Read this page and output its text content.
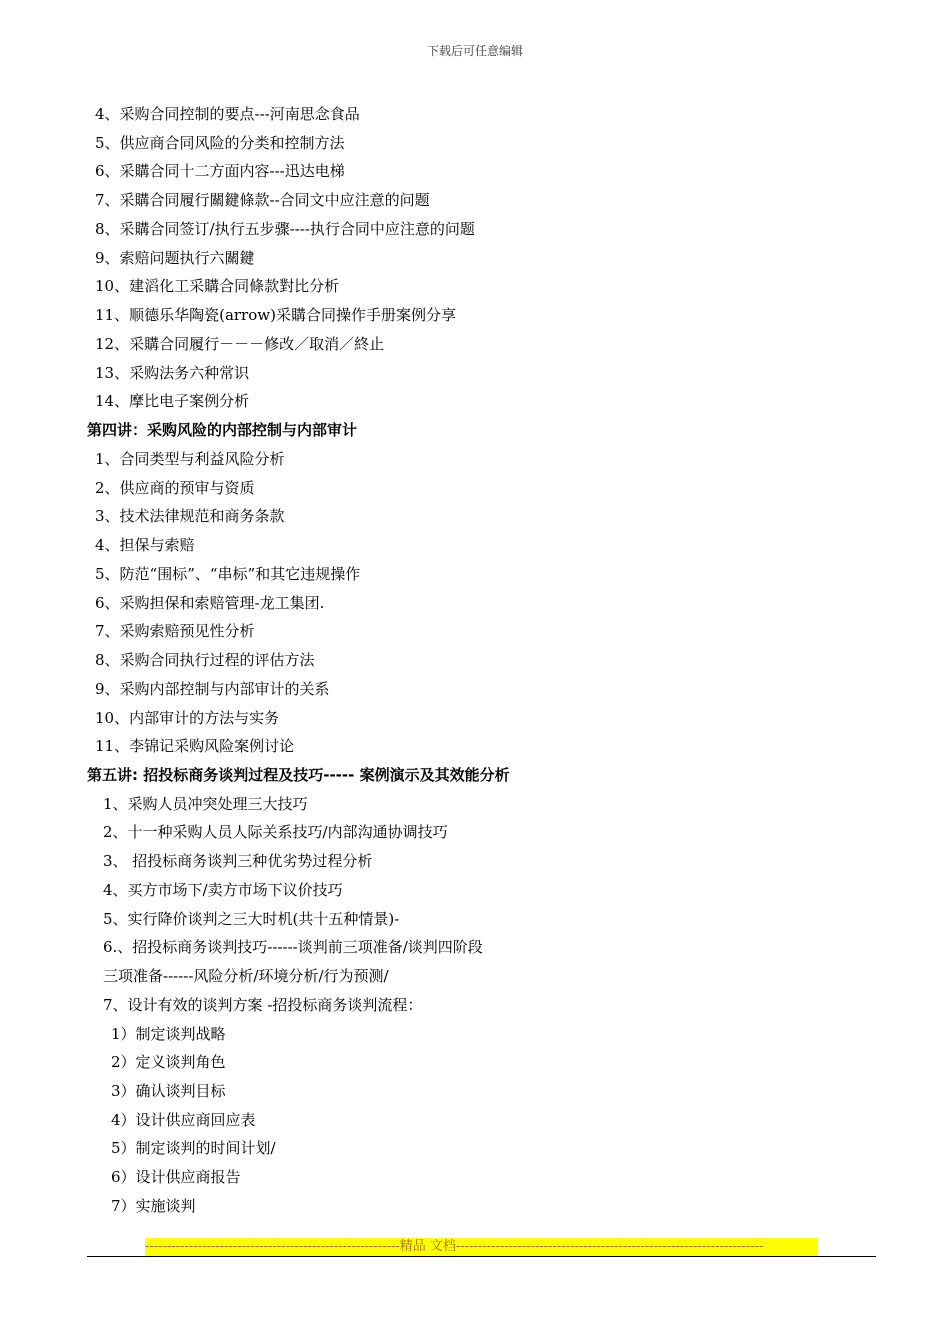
下载后可任意编辑
4、采购合同控制的要点---河南思念食品
5、供应商合同风险的分类和控制方法
6、采購合同十二方面内容---迅达电梯
7、采購合同履行關鍵條款--合同文中应注意的问题
8、采購合同签订/执行五步骤----执行合同中应注意的问题
9、索赔问题执行六關鍵
10、建滔化工采購合同條款對比分析
11、顺德乐华陶瓷(arrow)采購合同操作手册案例分享
12、采購合同履行－－－修改／取消／終止
13、采购法务六种常识
14、摩比电子案例分析
第四讲：采购风险的内部控制与内部审计
1、合同类型与利益风险分析
2、供应商的预审与资质
3、技术法律规范和商务条款
4、担保与索赔
5、防范“围标”、“串标”和其它违规操作
6、采购担保和索赔管理-龙工集团.
7、采购索赔预见性分析
8、采购合同执行过程的评估方法
9、采购内部控制与内部审计的关系
10、内部审计的方法与实务
11、李锦记采购风险案例讨论
第五讲: 招投标商务谈判过程及技巧----- 案例演示及其效能分析
1、采购人员冲突处理三大技巧
2、十一种采购人员人际关系技巧/内部沟通协调技巧
3、 招投标商务谈判三种优劣势过程分析
4、买方市场下/卖方市场下议价技巧
5、实行降价谈判之三大时机(共十五种情景)-
6.、招投标商务谈判技巧------谈判前三项准备/谈判四阶段
三项准备------风险分析/环境分析/行为预测/
7、设计有效的谈判方案 -招投标商务谈判流程：
1）制定谈判战略
2）定义谈判角色
3）确认谈判目标
4）设计供应商回应表
5）制定谈判的时间计划/
6）设计供应商报告
7）实施谈判
----------------------------------------------------------精品 文档----------------------------------------------------------------------
